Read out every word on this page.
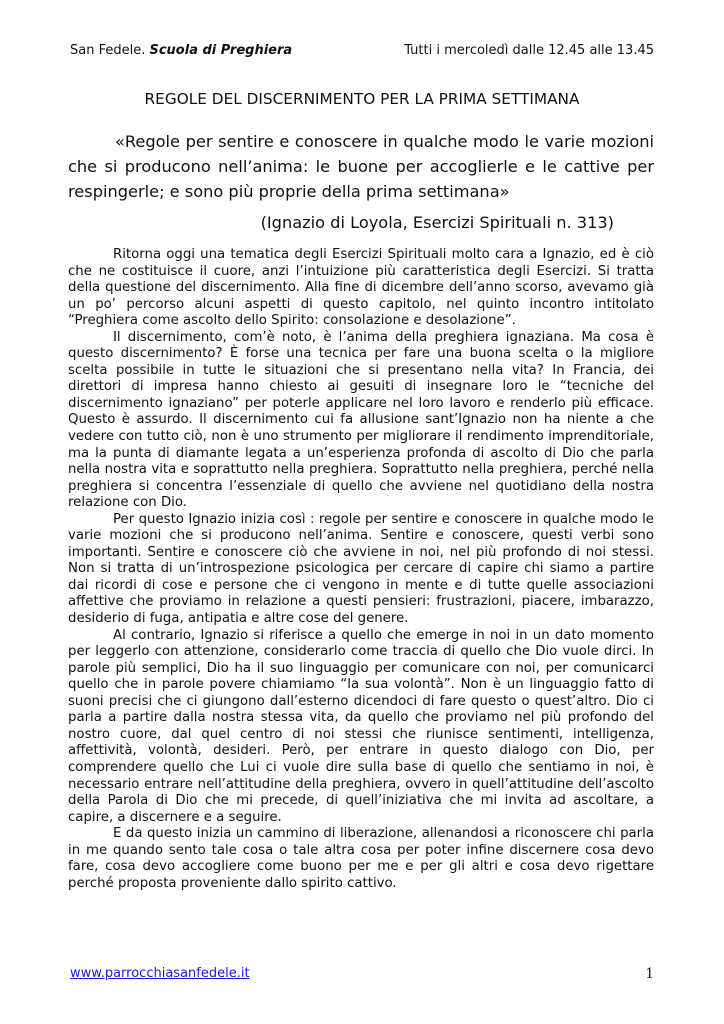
San Fedele. Scuola di Preghiera	Tutti i mercoledì dalle 12.45 alle 13.45
REGOLE DEL DISCERNIMENTO PER LA PRIMA SETTIMANA
«Regole per sentire e conoscere in qualche modo le varie mozioni che si producono nell’anima: le buone per accoglierle e le cattive per respingerle; e sono più proprie della prima settimana»
(Ignazio di Loyola, Esercizi Spirituali n. 313)

Ritorna oggi una tematica degli Esercizi Spirituali molto cara a Ignazio, ed è ciò che ne costituisce il cuore, anzi l’intuizione più caratteristica degli Esercizi. Si tratta della questione del discernimento. Alla fine di dicembre dell’anno scorso, avevamo già un po’ percorso alcuni aspetti di questo capitolo, nel quinto incontro intitolato “Preghiera come ascolto dello Spirito: consolazione e desolazione”.

Il discernimento, com’è noto, è l’anima della preghiera ignaziana. Ma cosa è questo discernimento? È forse una tecnica per fare una buona scelta o la migliore scelta possibile in tutte le situazioni che si presentano nella vita? In Francia, dei direttori di impresa hanno chiesto ai gesuiti di insegnare loro le “tecniche del discernimento ignaziano” per poterle applicare nel loro lavoro e renderlo più efficace. Questo è assurdo. Il discernimento cui fa allusione sant’Ignazio non ha niente a che vedere con tutto ciò, non è uno strumento per migliorare il rendimento imprenditoriale, ma la punta di diamante legata a un’esperienza profonda di ascolto di Dio che parla nella nostra vita e soprattutto nella preghiera. Soprattutto nella preghiera, perché nella preghiera si concentra l’essenziale di quello che avviene nel quotidiano della nostra relazione con Dio.

Per questo Ignazio inizia così : regole per sentire e conoscere in qualche modo le varie mozioni che si producono nell’anima. Sentire e conoscere, questi verbi sono importanti. Sentire e conoscere ciò che avviene in noi, nel più profondo di noi stessi. Non si tratta di un’introspezione psicologica per cercare di capire chi siamo a partire dai ricordi di cose e persone che ci vengono in mente e di tutte quelle associazioni affettive che proviamo in relazione a questi pensieri: frustrazioni, piacere, imbarazzo, desiderio di fuga, antipatia e altre cose del genere.

Al contrario, Ignazio si riferisce a quello che emerge in noi in un dato momento per leggerlo con attenzione, considerarlo come traccia di quello che Dio vuole dirci. In parole più semplici, Dio ha il suo linguaggio per comunicare con noi, per comunicarci quello che in parole povere chiamiamo “la sua volontà”. Non è un linguaggio fatto di suoni precisi che ci giungono dall’esterno dicendoci di fare questo o quest’altro. Dio ci parla a partire dalla nostra stessa vita, da quello che proviamo nel più profondo del nostro cuore, dal quel centro di noi stessi che riunisce sentimenti, intelligenza, affettività, volontà, desideri. Però, per entrare in questo dialogo con Dio, per comprendere quello che Lui ci vuole dire sulla base di quello che sentiamo in noi, è necessario entrare nell’attitudine della preghiera, ovvero in quell’attitudine dell’ascolto della Parola di Dio che mi precede, di quell’iniziativa che mi invita ad ascoltare, a capire, a discernere e a seguire.

E da questo inizia un cammino di liberazione, allenandosi a riconoscere chi parla in me quando sento tale cosa o tale altra cosa per poter infine discernere cosa devo fare, cosa devo accogliere come buono per me e per gli altri e cosa devo rigettare perché proposta proveniente dallo spirito cattivo.

www.parrocchiasanfedele.it	1
